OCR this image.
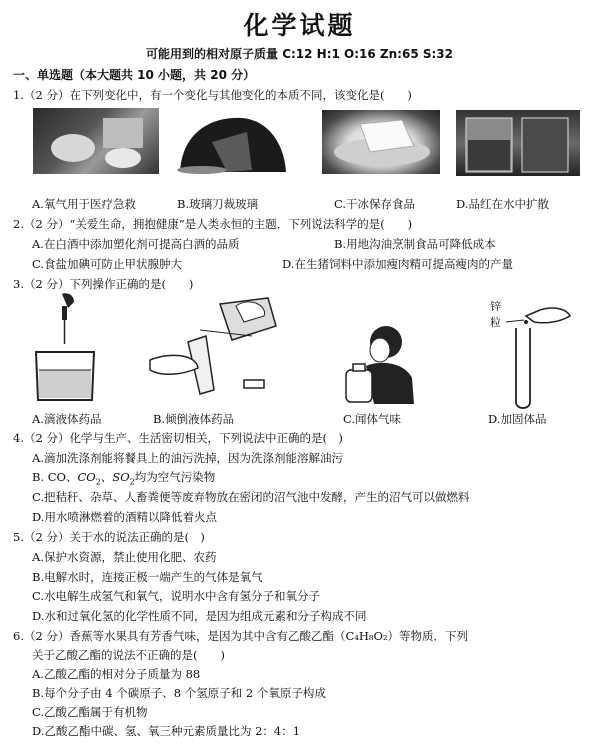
化学试题
可能用到的相对原子质量 C:12 H:1 O:16 Zn:65 S:32
一、单选题（本大题共 10 小题，共 20 分）
1.（2 分）在下列变化中，有一个变化与其他变化的本质不同，该变化是(　　)
A.氧气用于医疗急救	B.玻璃刀裁玻璃	C.干冰保存食品	D.品红在水中扩散
2.（2 分）“关爱生命，拥抱健康”是人类永恒的主题．下列说法科学的是(　　)
A.在白酒中添加塑化剂可提高白酒的品质	B.用地沟油烹制食品可降低成本
C.食盐加碘可防止甲状腺肿大	D.在生猪饲料中添加瘦肉精可提高瘦肉的产量
3.（2 分）下列操作正确的是(　　)
锌
粒
A.滴液体药品	B.倾倒液体药品	C.闻体气味	D.加固体品
4.（2 分）化学与生产、生活密切相关，下列说法中正确的是(　)
A.滴加洗涤剂能将餐具上的油污洗掉，因为洗涤剂能溶解油污
B. CO、$CO_2$、$SO_2$均为空气污染物
C.把秸秆、杂草、人畜粪便等废弃物放在密闭的沼气池中发酵，产生的沼气可以做燃料
D.用水喷淋燃着的酒精以降低着火点
5.（2 分）关于水的说法正确的是(　)
A.保护水资源，禁止使用化肥、农药
B.电解水时，连接正极一端产生的气体是氧气
C.水电解生成氢气和氧气，说明水中含有氢分子和氧分子
D.水和过氧化氢的化学性质不同，是因为组成元素和分子构成不同
6.（2 分）香蕉等水果具有芳香气味，是因为其中含有乙酸乙酯（C₄H₈O₂）等物质．下列
关于乙酸乙酯的说法不正确的是(　　)
A.乙酸乙酯的相对分子质量为 88
B.每个分子由 4 个碳原子、8 个氢原子和 2 个氧原子构成
C.乙酸乙酯属于有机物
D.乙酸乙酯中碳、氢、氧三种元素质量比为 2：4：1
